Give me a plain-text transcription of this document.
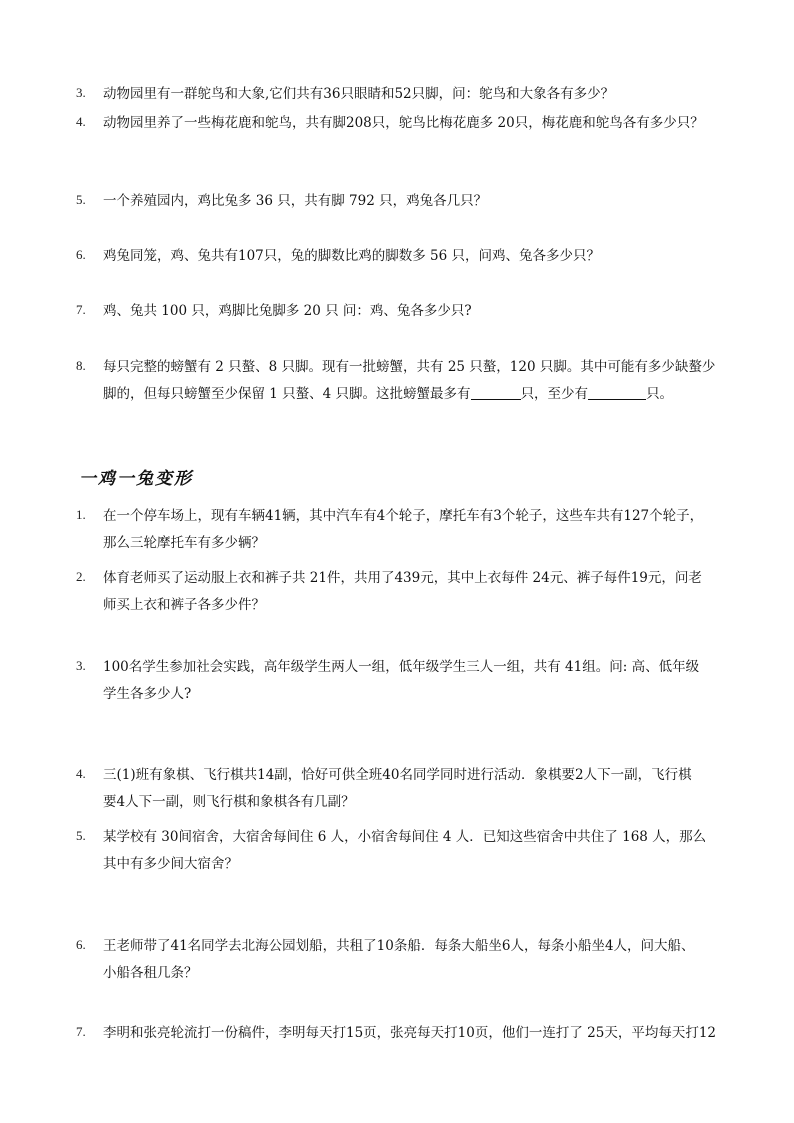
3. 动物园里有一群鸵鸟和大象,它们共有36只眼睛和52只脚，问：鸵鸟和大象各有多少？
4. 动物园里养了一些梅花鹿和鸵鸟，共有脚208只，鸵鸟比梅花鹿多 20只，梅花鹿和鸵鸟各有多少只？
5. 一个养殖园内，鸡比兔多 36 只，共有脚 792 只，鸡兔各几只？
6. 鸡兔同笼，鸡、兔共有107只，兔的脚数比鸡的脚数多 56 只，问鸡、兔各多少只？
7. 鸡、兔共 100 只，鸡脚比兔脚多 20 只 问：鸡、兔各多少只?
8. 每只完整的螃蟹有 2 只螯、8 只脚。现有一批螃蟹，共有 25 只螯，120 只脚。其中可能有多少缺螯少
脚的，但每只螃蟹至少保留 1 只螯、4 只脚。这批螃蟹最多有	只，至少有	只。
一鸡一兔变形
1. 在一个停车场上，现有车辆41辆，其中汽车有4个轮子，摩托车有3个轮子，这些车共有127个轮子，
那么三轮摩托车有多少辆？
2. 体育老师买了运动服上衣和裤子共 21件，共用了439元，其中上衣每件 24元、裤子每件19元，问老
师买上衣和裤子各多少件？
3. 100名学生参加社会实践，高年级学生两人一组，低年级学生三人一组，共有 41组。问: 高、低年级
学生各多少人?
4. 三(1)班有象棋、飞行棋共14副，恰好可供全班40名同学同时进行活动．象棋要2人下一副，飞行棋
要4人下一副，则飞行棋和象棋各有几副？
5. 某学校有 30间宿舍，大宿舍每间住 6 人，小宿舍每间住 4 人．已知这些宿舍中共住了 168 人，那么
其中有多少间大宿舍？
6. 王老师带了41名同学去北海公园划船，共租了10条船．每条大船坐6人，每条小船坐4人，问大船、
小船各租几条？
7. 李明和张亮轮流打一份稿件，李明每天打15页，张亮每天打10页，他们一连打了 25天，平均每天打12
